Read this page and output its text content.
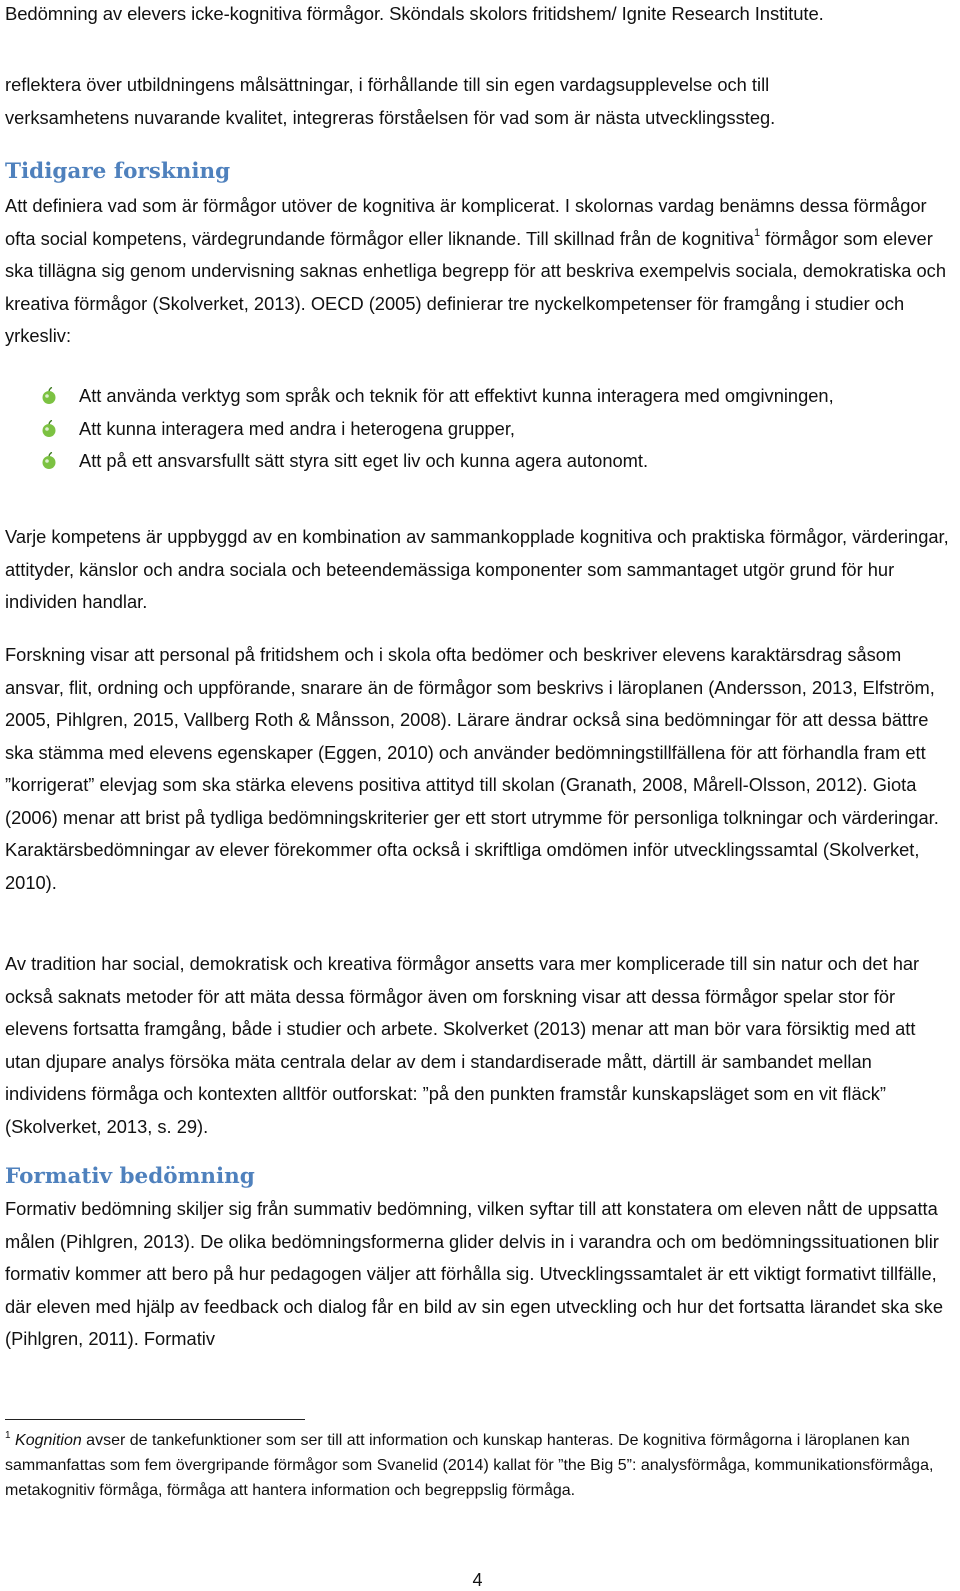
Bedömning av elevers icke-kognitiva förmågor. Sköndals skolors fritidshem/ Ignite Research Institute.

reflektera över utbildningens målsättningar, i förhållande till sin egen vardagsupplevelse och till

verksamhetens nuvarande kvalitet, integreras förståelsen för vad som är nästa utvecklingssteg.

Tidigare forskning

Att definiera vad som är förmågor utöver de kognitiva är komplicerat. I skolornas vardag benämns dessa förmågor ofta social kompetens, värdegrundande förmågor eller liknande. Till skillnad från de kognitiva$^1$ förmågor som elever ska tillägna sig genom undervisning saknas enhetliga begrepp för att beskriva exempelvis sociala, demokratiska och kreativa förmågor (Skolverket, 2013). OECD (2005) definierar tre nyckelkompetenser för framgång i studier och yrkesliv:

Att använda verktyg som språk och teknik för att effektivt kunna interagera med omgivningen,
Att kunna interagera med andra i heterogena grupper,
Att på ett ansvarsfullt sätt styra sitt eget liv och kunna agera autonomt.

Varje kompetens är uppbyggd av en kombination av sammankopplade kognitiva och praktiska förmågor, värderingar, attityder, känslor och andra sociala och beteendemässiga komponenter som sammantaget utgör grund för hur individen handlar.

Forskning visar att personal på fritidshem och i skola ofta bedömer och beskriver elevens karaktärsdrag såsom ansvar, flit, ordning och uppförande, snarare än de förmågor som beskrivs i läroplanen (Andersson, 2013, Elfström, 2005, Pihlgren, 2015, Vallberg Roth & Månsson, 2008). Lärare ändrar också sina bedömningar för att dessa bättre ska stämma med elevens egenskaper (Eggen, 2010) och använder bedömningstillfällena för att förhandla fram ett ”korrigerat” elevjag som ska stärka elevens positiva attityd till skolan (Granath, 2008, Mårell-Olsson, 2012). Giota (2006) menar att brist på tydliga bedömningskriterier ger ett stort utrymme för personliga tolkningar och värderingar. Karaktärsbedömningar av elever förekommer ofta också i skriftliga omdömen inför utvecklingssamtal (Skolverket, 2010).

Av tradition har social, demokratisk och kreativa förmågor ansetts vara mer komplicerade till sin natur och det har också saknats metoder för att mäta dessa förmågor även om forskning visar att dessa förmågor spelar stor för elevens fortsatta framgång, både i studier och arbete. Skolverket (2013) menar att man bör vara försiktig med att utan djupare analys försöka mäta centrala delar av dem i standardiserade mått, därtill är sambandet mellan individens förmåga och kontexten alltför outforskat: ”på den punkten framstår kunskapsläget som en vit fläck” (Skolverket, 2013, s. 29).

Formativ bedömning

Formativ bedömning skiljer sig från summativ bedömning, vilken syftar till att konstatera om eleven nått de uppsatta målen (Pihlgren, 2013). De olika bedömningsformerna glider delvis in i varandra och om bedömningssituationen blir formativ kommer att bero på hur pedagogen väljer att förhålla sig. Utvecklingssamtalet är ett viktigt formativt tillfälle, där eleven med hjälp av feedback och dialog får en bild av sin egen utveckling och hur det fortsatta lärandet ska ske (Pihlgren, 2011). Formativ

$^1$ Kognition avser de tankefunktioner som ser till att information och kunskap hanteras. De kognitiva förmågorna i läroplanen kan sammanfattas som fem övergripande förmågor som Svanelid (2014) kallat för ”the Big 5”: analysförmåga, kommunikationsförmåga, metakognitiv förmåga, förmåga att hantera information och begreppslig förmåga.
4
